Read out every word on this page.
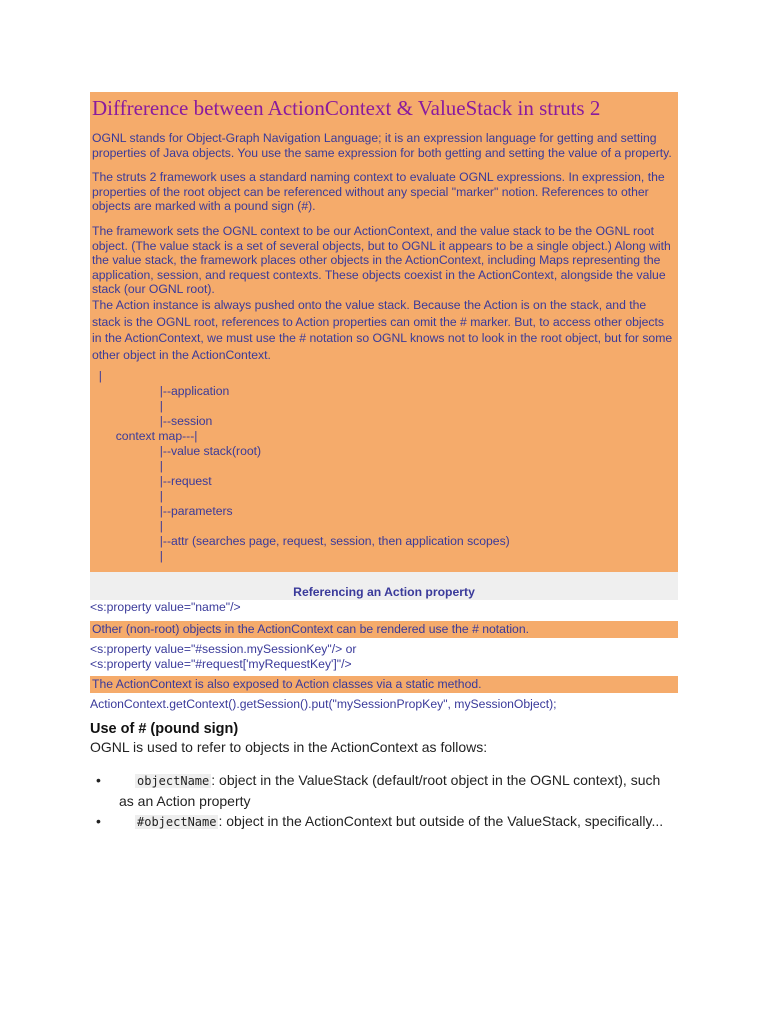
Diffrerence between ActionContext & ValueStack in struts 2
OGNL stands for Object-Graph Navigation Language; it is an expression language for getting and setting properties of Java objects. You use the same expression for both getting and setting the value of a property.
The struts 2 framework uses a standard naming context to evaluate OGNL expressions. In expression, the properties of the root object can be referenced without any special "marker" notion. References to other objects are marked with a pound sign (#).
The framework sets the OGNL context to be our ActionContext, and the value stack to be the OGNL root object. (The value stack is a set of several objects, but to OGNL it appears to be a single object.) Along with the value stack, the framework places other objects in the ActionContext, including Maps representing the application, session, and request contexts. These objects coexist in the ActionContext, alongside the value stack (our OGNL root).
The Action instance is always pushed onto the value stack. Because the Action is on the stack, and the stack is the OGNL root, references to Action properties can omit the # marker. But, to access other objects in the ActionContext, we must use the # notation so OGNL knows not to look in the root object, but for some other object in the ActionContext.
|
|--application
|
|--session
context map---|
|--value stack(root)
|
|--request
|
|--parameters
|
|--attr (searches page, request, session, then application scopes)
|
Referencing an Action property
<s:property value="name"/>
Other (non-root) objects in the ActionContext can be rendered use the # notation.
<s:property value="#session.mySessionKey"/> or
<s:property value="#request['myRequestKey']"/>
The ActionContext is also exposed to Action classes via a static method.
ActionContext.getContext().getSession().put("mySessionPropKey", mySessionObject);
Use of # (pound sign)
OGNL is used to refer to objects in the ActionContext as follows:
• objectName : object in the ValueStack (default/root object in the OGNL context), such as an Action property
• #objectName : object in the ActionContext but outside of the ValueStack, specifically...
